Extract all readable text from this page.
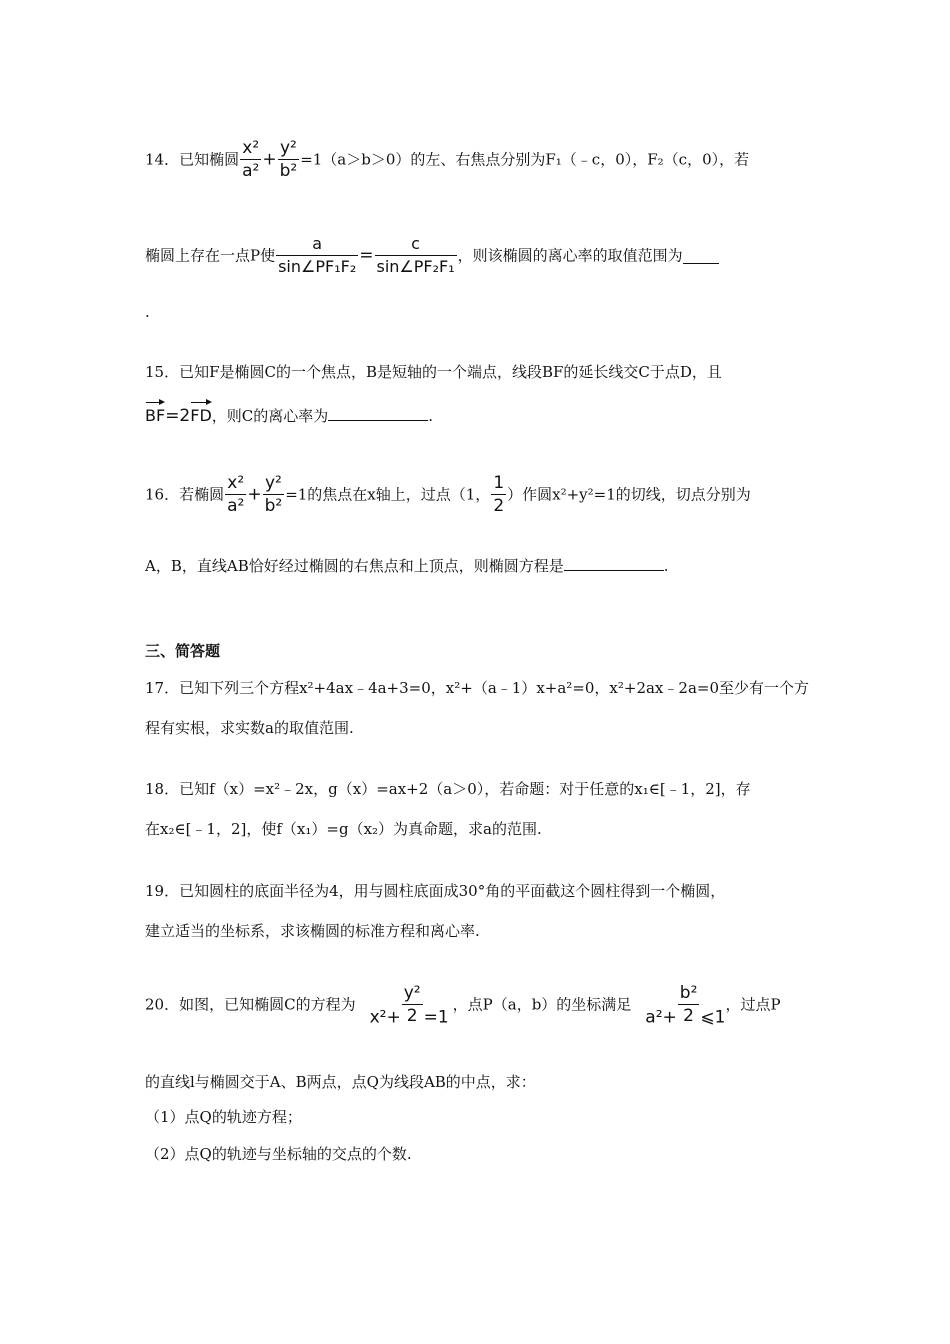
14．已知椭圆 $\frac{\text{x²}}{\text{a²}} + \frac{\text{y²}}{\text{b²}} =1(a>b>0)$的左、右焦点分别为F₁（﹣c，0），F₂（c，0），若
椭圆上存在一点P使 $\frac{a}{\text{sin∠PF₁F₂}} = \frac{c}{\text{sin∠PF₂F₁}}$ ，则该椭圆的离心率的取值范围为
.
15．已知F是椭圆C的一个焦点，B是短轴的一个端点，线段BF的延长线交C于点D，且
BF=2FD，则C的离心率为	.
16．若椭圆 $\frac{\text{x²}}{\text{a²}} + \frac{\text{y²}}{\text{b²}} =1$的焦点在x轴上，过点（1， $\frac{1}{2}$ ）作圆x²+y²=1的切线，切点分别为
A，B，直线AB恰好经过椭圆的右焦点和上顶点，则椭圆方程是	.
三、简答题
17．已知下列三个方程x²+4ax﹣4a+3=0，x²+（a﹣1）x+a²=0，x²+2ax﹣2a=0至少有一个方
程有实根，求实数a的取值范围.
18．已知f（x）=x²﹣2x，g（x）=ax+2（a＞0），若命题：对于任意的x₁∈[﹣1，2]，存
在x₂∈[﹣1，2]，使f（x₁）=g（x₂）为真命题，求a的范围.
19．已知圆柱的底面半径为4，用与圆柱底面成30°角的平面截这个圆柱得到一个椭圆，
建立适当的坐标系，求该椭圆的标准方程和离心率.
20．如图，已知椭圆C的方程为$x^2+ \frac{\text{y²}}{2} =1$，点P（a，b）的坐标满足$a^2+ \frac{\text{b²}}{2}$ ⩽1，过点P
的直线l与椭圆交于A、B两点，点Q为线段AB的中点，求：
（1）点Q的轨迹方程；
（2）点Q的轨迹与坐标轴的交点的个数.
